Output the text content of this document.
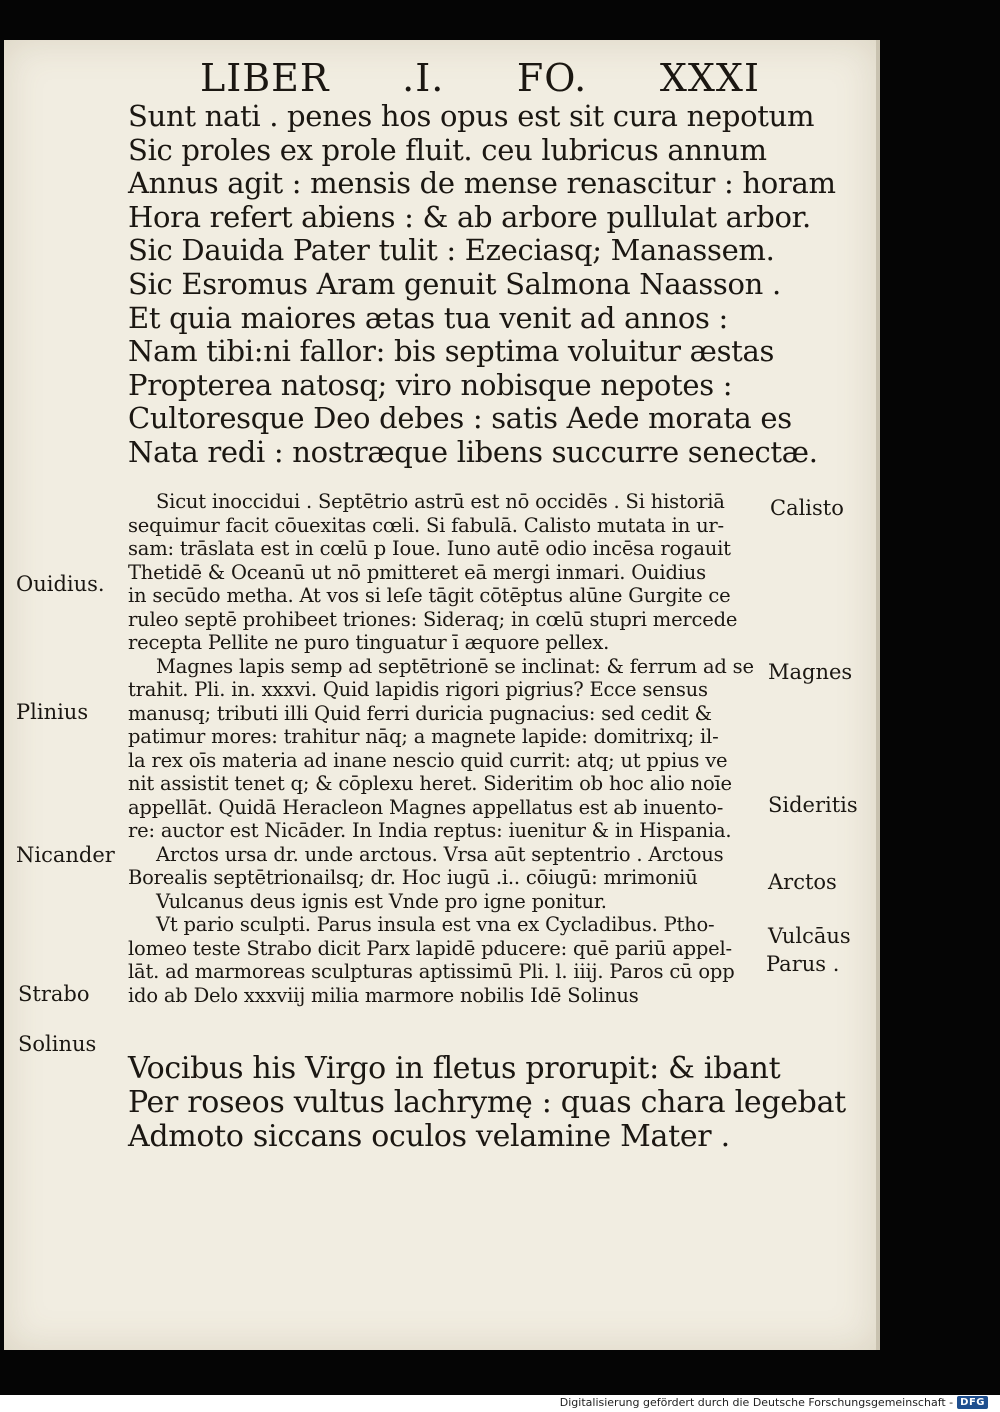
LIBER .I. FO. XXXI
Sunt nati . penes hos opus est sit cura nepotum
Sic proles ex prole fluit. ceu lubricus annum
Annus agit : mensis de mense renascitur : horam
Hora refert abiens : & ab arbore pullulat arbor.
Sic Dauida Pater tulit : Ezeciasq; Manassem.
Sic Esromus Aram genuit Salmona Naasson .
Et quia maiores ætas tua venit ad annos :
Nam tibi:ni fallor: bis septima voluitur æstas
Propterea natosq; viro nobisque nepotes :
Cultoresque Deo debes : satis Aede morata es
Nata redi : nostræque libens succurre senectæ.
Sicut inoccidui . Septētrio astrū est nō occidēs . Si historiā
sequimur facit cōuexitas cœli. Si fabulā. Calisto mutata in ur-
sam: trāslata est in cœlū p Ioue. Iuno autē odio incēsa rogauit
Thetidē & Oceanū ut nō pmitteret eā mergi inmari. Ouidius
in secūdo metha. At vos si leſe tāgit cōtēptus alūne Gurgite ce
ruleo septē prohibeet triones: Sideraq; in cœlū stupri mercede
recepta Pellite ne puro tinguatur ī æquore pellex.
Magnes lapis semp ad septētrionē se inclinat: & ferrum ad se
trahit. Pli. in. xxxvi. Quid lapidis rigori pigrius? Ecce sensus
manusq; tributi illi Quid ferri duricia pugnacius: sed cedit &
patimur mores: trahitur nāq; a magnete lapide: domitrixq; il-
la rex oīs materia ad inane nescio quid currit: atq; ut ppius ve
nit assistit tenet q; & cōplexu heret. Sideritim ob hoc alio noīe
appellāt. Quidā Heracleon Magnes appellatus est ab inuento-
re: auctor est Nicāder. In India reptus: iuenitur & in Hispania.
Arctos ursa dr. unde arctous. Vrsa aūt septentrio . Arctous
Borealis septētrionailsq; dr. Hoc iugū .i.. cōiugū: mrimoniū
Vulcanus deus ignis est Vnde pro igne ponitur.
Vt pario sculpti. Parus insula est vna ex Cycladibus. Ptho-
lomeo teste Strabo dicit Parx lapidē pducere: quē pariū appel-
lāt. ad marmoreas sculpturas aptissimū Pli. l. iiij. Paros cū opp
ido ab Delo xxxviij milia marmore nobilis Idē Solinus
Vocibus his Virgo in fletus prorupit: & ibant
Per roseos vultus lachrymę : quas chara legebat
Admoto siccans oculos velamine Mater .
Ouidius.
Plinius
Nicander
Strabo
Solinus
Calisto
Magnes
Sideritis
Arctos
Vulcāus
Parus .
Digitalisierung gefördert durch die Deutsche Forschungsgemeinschaft - DFG
